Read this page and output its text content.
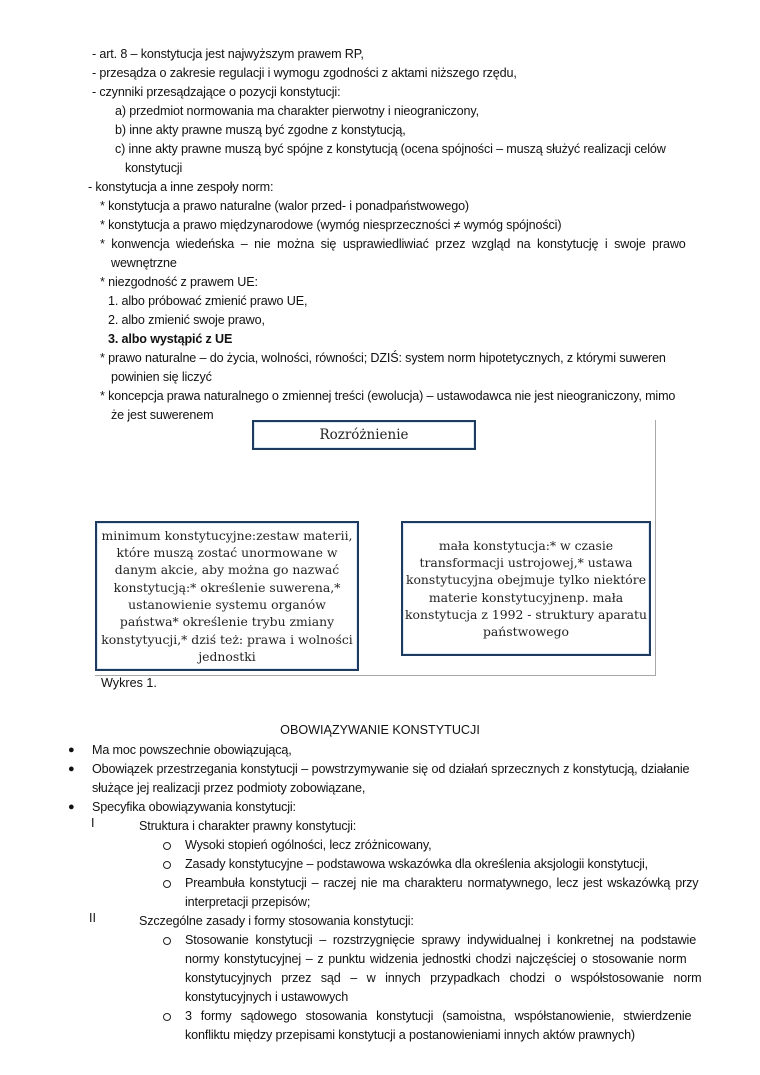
- art. 8 – konstytucja jest najwyższym prawem RP,
- przesądza o zakresie regulacji i wymogu zgodności z aktami niższego rzędu,
- czynniki przesądzające o pozycji konstytucji:
a) przedmiot normowania ma charakter pierwotny i nieograniczony,
b) inne akty prawne muszą być zgodne z konstytucją,
c) inne akty prawne muszą być spójne z konstytucją (ocena spójności – muszą służyć realizacji celów
konstytucji
- konstytucja a inne zespoły norm:
* konstytucja a prawo naturalne (walor przed- i ponadpaństwowego)
* konstytucja a prawo międzynarodowe (wymóg niesprzeczności ≠ wymóg spójności)
* konwencja wiedeńska – nie można się usprawiedliwiać przez wzgląd na konstytucję i swoje prawo
wewnętrzne
* niezgodność z prawem UE:
1. albo próbować zmienić prawo UE,
2. albo zmienić swoje prawo,
3. albo wystąpić z UE
* prawo naturalne – do życia, wolności, równości; DZIŚ: system norm hipotetycznych, z którymi suweren
powinien się liczyć
* koncepcja prawa naturalnego o zmiennej treści (ewolucja) – ustawodawca nie jest nieograniczony, mimo
że jest suwerenem
Rozróżnienie
minimum konstytucyjne:zestaw materii, które muszą zostać unormowane w danym akcie, aby można go nazwać konstytucją:* określenie suwerena,* ustanowienie systemu organów państwa* określenie trybu zmiany konstytyucji,* dziś też: prawa i wolności jednostki
mała konstytucja:* w czasie transformacji ustrojowej,* ustawa konstytucyjna obejmuje tylko niektóre materie konstytucyjnenp. mała konstytucja z 1992 - struktury aparatu państwowego
Wykres 1.
OBOWIĄZYWANIE KONSTYTUCJI
● Ma moc powszechnie obowiązującą,
● Obowiązek przestrzegania konstytucji – powstrzymywanie się od działań sprzecznych z konstytucją, działanie
służące jej realizacji przez podmioty zobowiązane,
● Specyfika obowiązywania konstytucji:
I	Struktura i charakter prawny konstytucji:
Wysoki stopień ogólności, lecz zróżnicowany,
Zasady konstytucyjne – podstawowa wskazówka dla określenia aksjologii konstytucji,
Preambuła konstytucji – raczej nie ma charakteru normatywnego, lecz jest wskazówką przy
interpretacji przepisów;
II	Szczególne zasady i formy stosowania konstytucji:
Stosowanie konstytucji – rozstrzygnięcie sprawy indywidualnej i konkretnej na podstawie
normy konstytucyjnej – z punktu widzenia jednostki chodzi najczęściej o stosowanie norm
konstytucyjnych przez sąd – w innych przypadkach chodzi o współstosowanie norm
konstytucyjnych i ustawowych
3 formy sądowego stosowania konstytucji (samoistna, współstanowienie, stwierdzenie
konfliktu między przepisami konstytucji a postanowieniami innych aktów prawnych)
